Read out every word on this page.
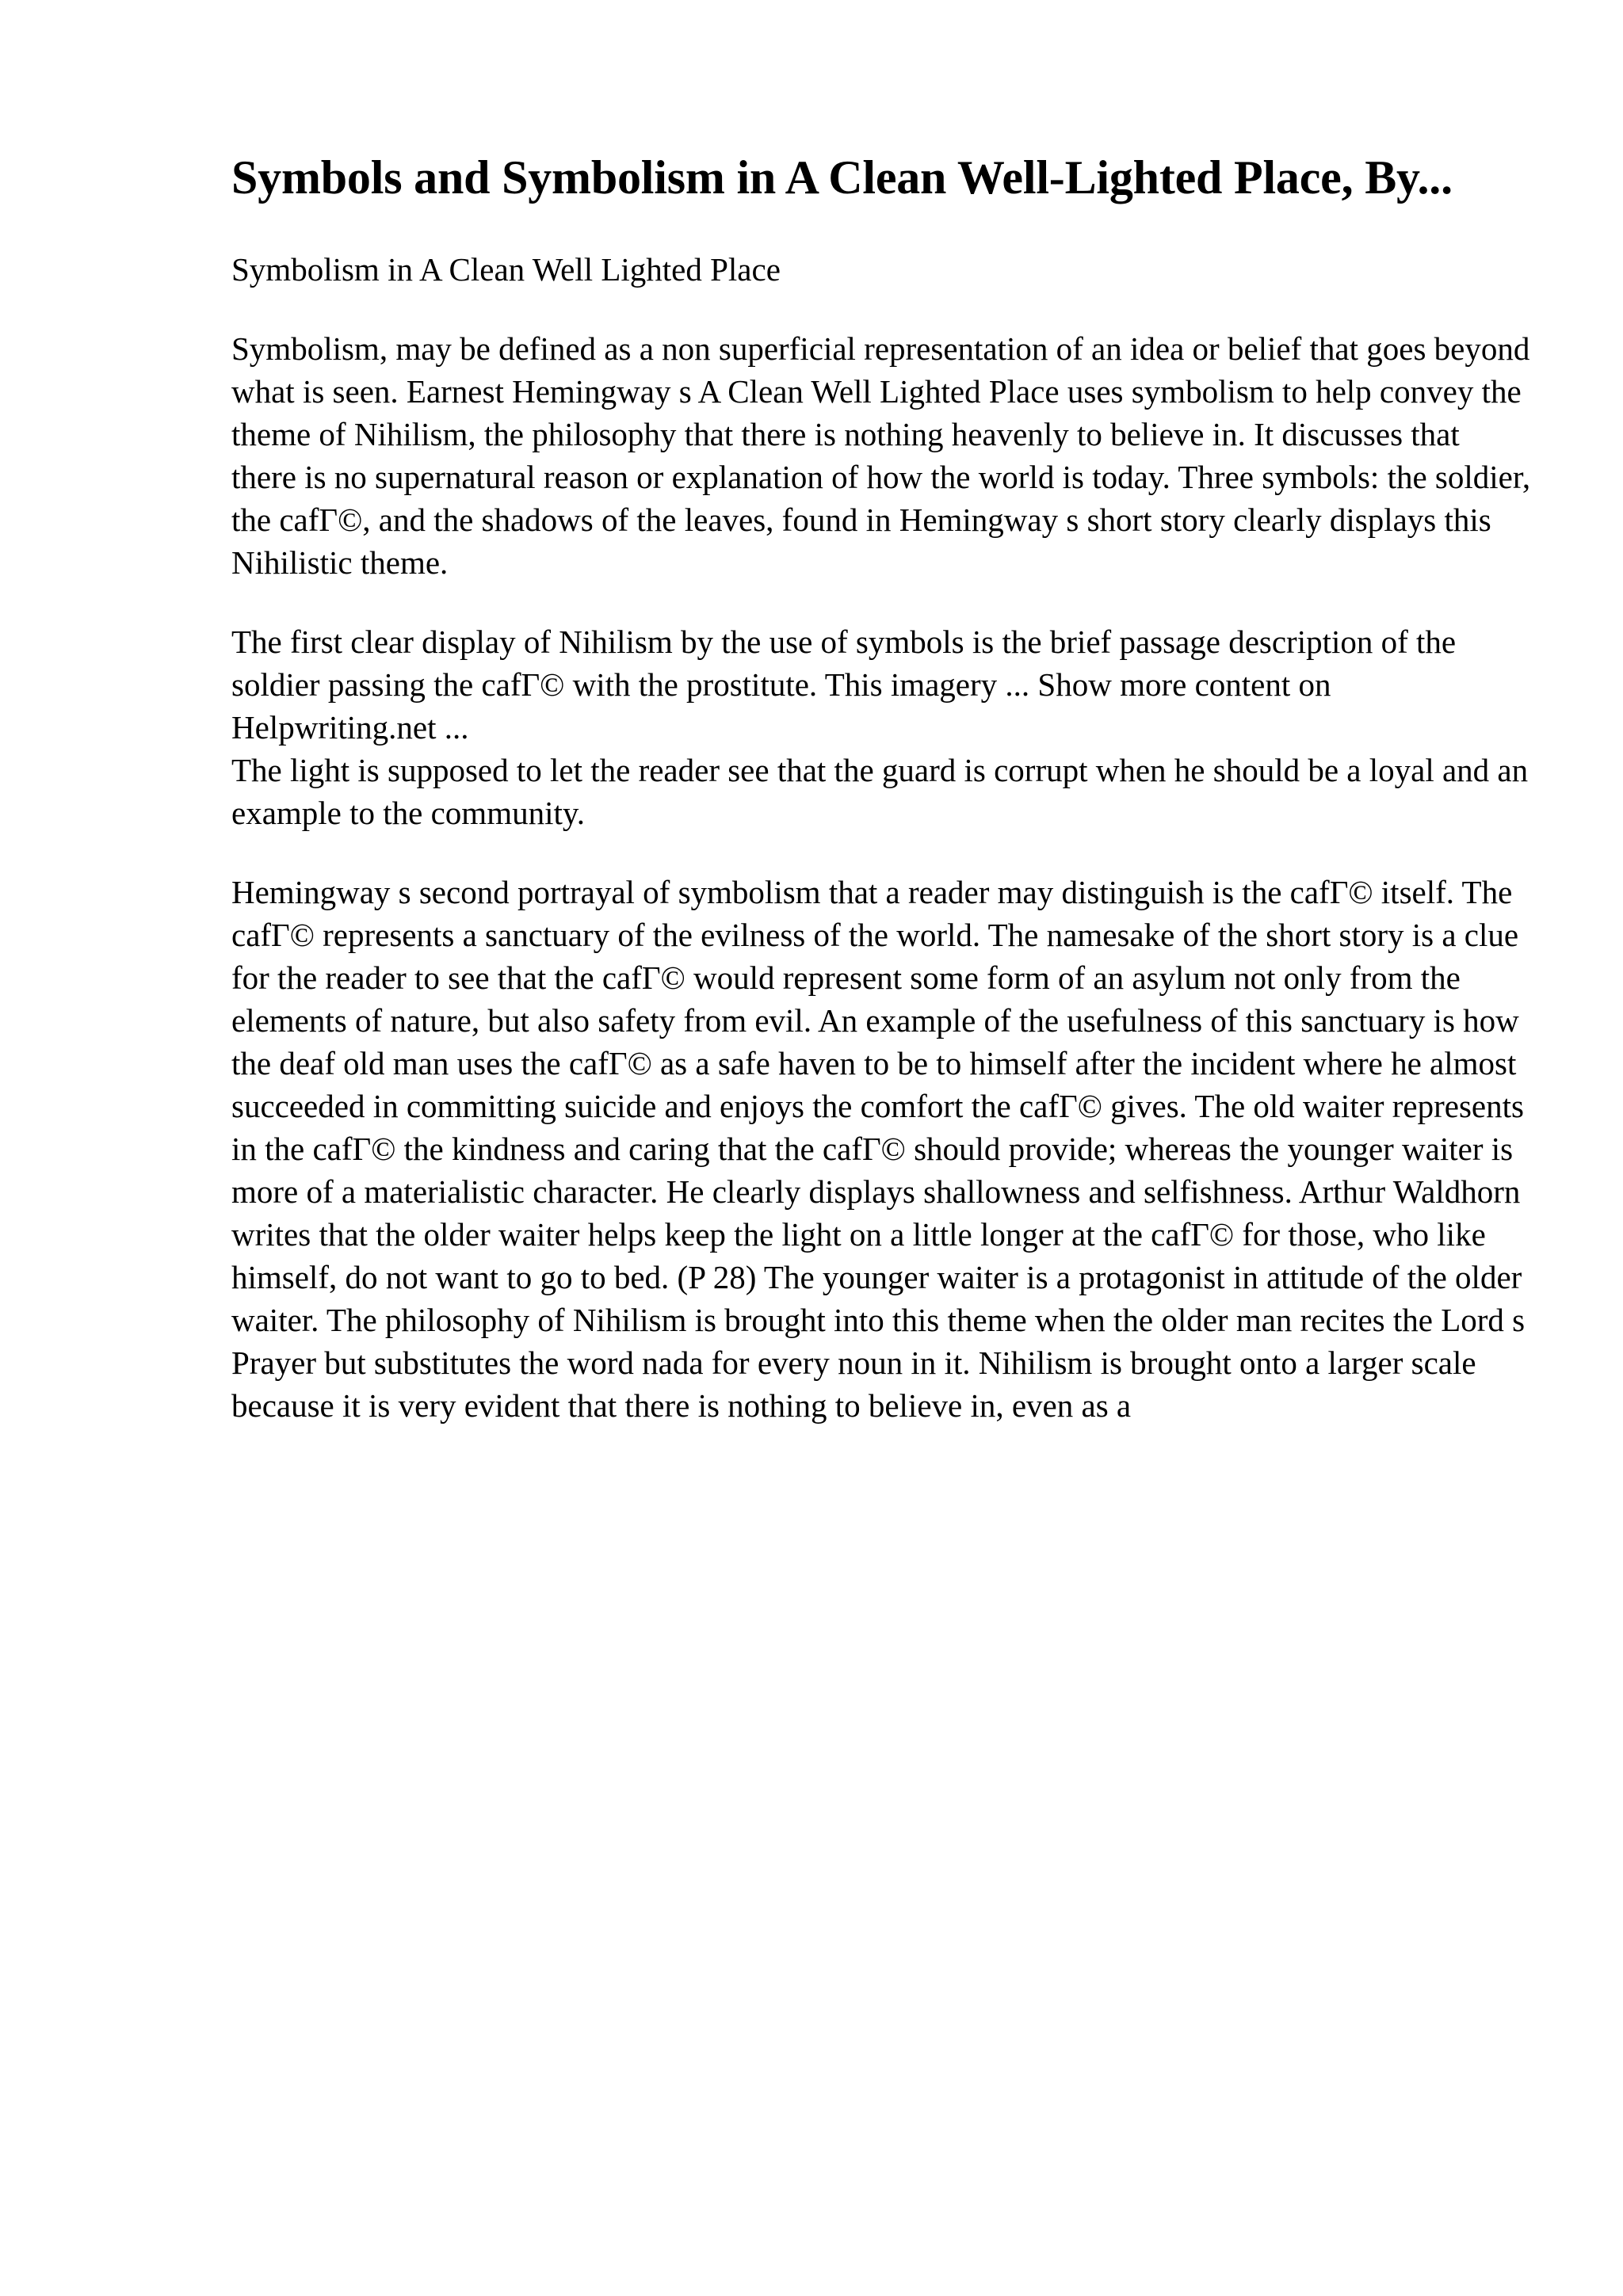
Symbols and Symbolism in A Clean Well-Lighted Place, By...

Symbolism in A Clean Well Lighted Place

Symbolism, may be defined as a non superficial representation of an idea or belief that goes beyond what is seen. Earnest Hemingway s A Clean Well Lighted Place uses symbolism to help convey the theme of Nihilism, the philosophy that there is nothing heavenly to believe in. It discusses that there is no supernatural reason or explanation of how the world is today. Three symbols: the soldier, the cafГ©, and the shadows of the leaves, found in Hemingway s short story clearly displays this Nihilistic theme.

The first clear display of Nihilism by the use of symbols is the brief passage description of the soldier passing the cafГ© with the prostitute. This imagery ... Show more content on Helpwriting.net ...

The light is supposed to let the reader see that the guard is corrupt when he should be a loyal and an example to the community.

Hemingway s second portrayal of symbolism that a reader may distinguish is the cafГ© itself. The cafГ© represents a sanctuary of the evilness of the world. The namesake of the short story is a clue for the reader to see that the cafГ© would represent some form of an asylum not only from the elements of nature, but also safety from evil. An example of the usefulness of this sanctuary is how the deaf old man uses the cafГ© as a safe haven to be to himself after the incident where he almost succeeded in committing suicide and enjoys the comfort the cafГ© gives. The old waiter represents in the cafГ© the kindness and caring that the cafГ© should provide; whereas the younger waiter is more of a materialistic character. He clearly displays shallowness and selfishness. Arthur Waldhorn writes that the older waiter helps keep the light on a little longer at the cafГ© for those, who like himself, do not want to go to bed. (P 28) The younger waiter is a protagonist in attitude of the older waiter. The philosophy of Nihilism is brought into this theme when the older man recites the Lord s Prayer but substitutes the word nada for every noun in it. Nihilism is brought onto a larger scale because it is very evident that there is nothing to believe in, even as a
